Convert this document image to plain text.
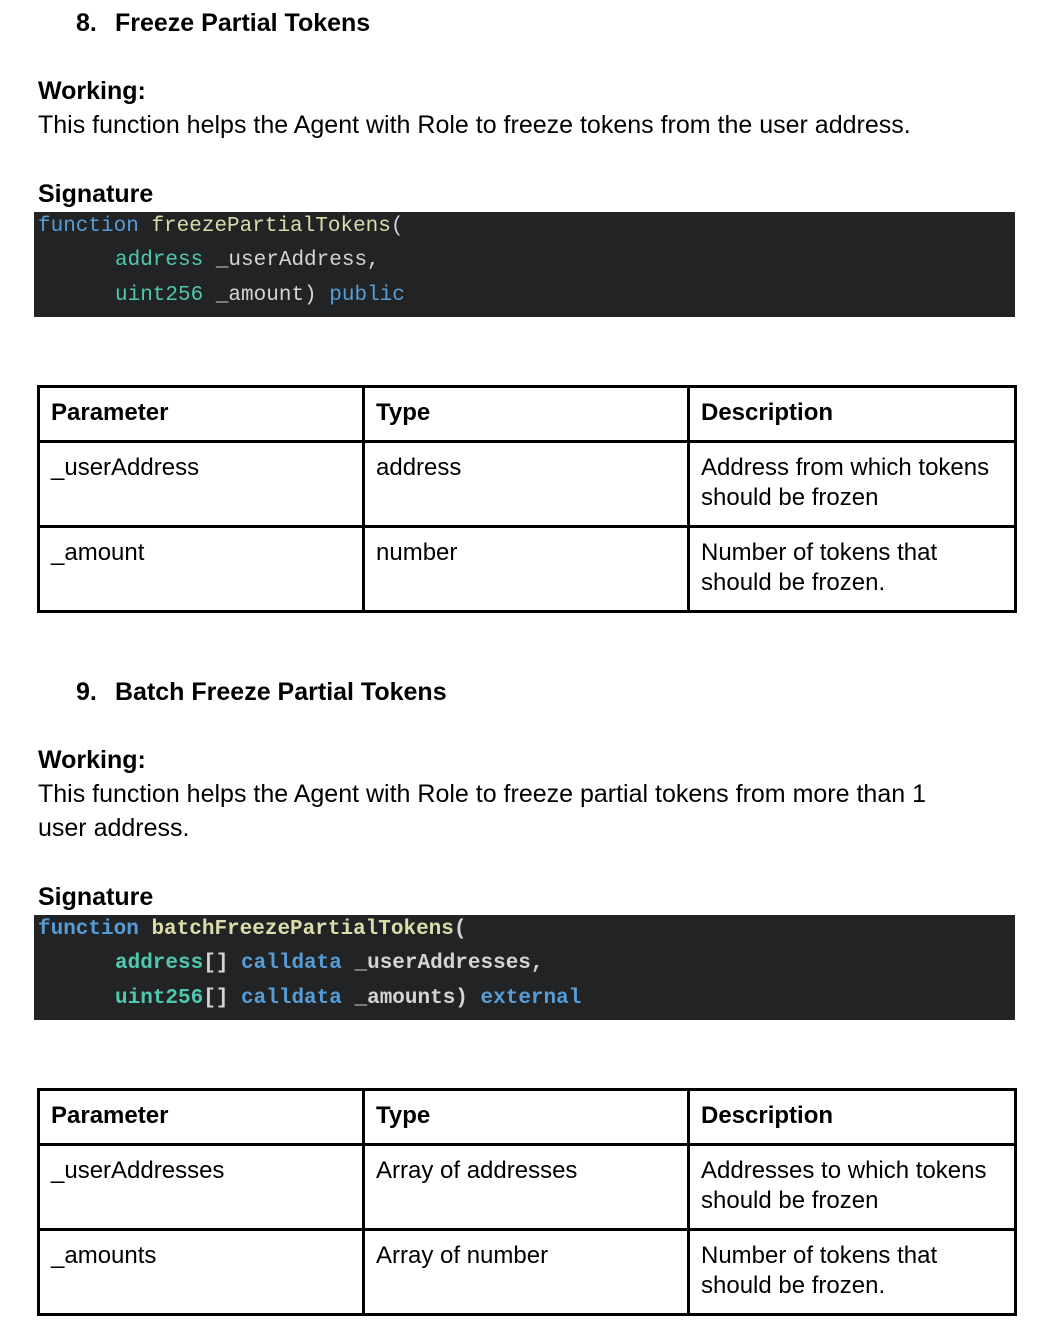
8. Freeze Partial Tokens
Working:
This function helps the Agent with Role to freeze tokens from the user address.
Signature

function freezePartialTokens(

address _userAddress,

uint256 _amount) public

Parameter	Type	Description
_userAddress	address	Address from which tokens should be frozen
_amount	number	Number of tokens that should be frozen.
9. Batch Freeze Partial Tokens
Working:
This function helps the Agent with Role to freeze partial tokens from more than 1 user address.
Signature

function batchFreezePartialTokens(

address[] calldata _userAddresses,

uint256[] calldata _amounts) external

Parameter	Type	Description
_userAddresses	Array of addresses	Addresses to which tokens should be frozen
_amounts	Array of number	Number of tokens that should be frozen.
